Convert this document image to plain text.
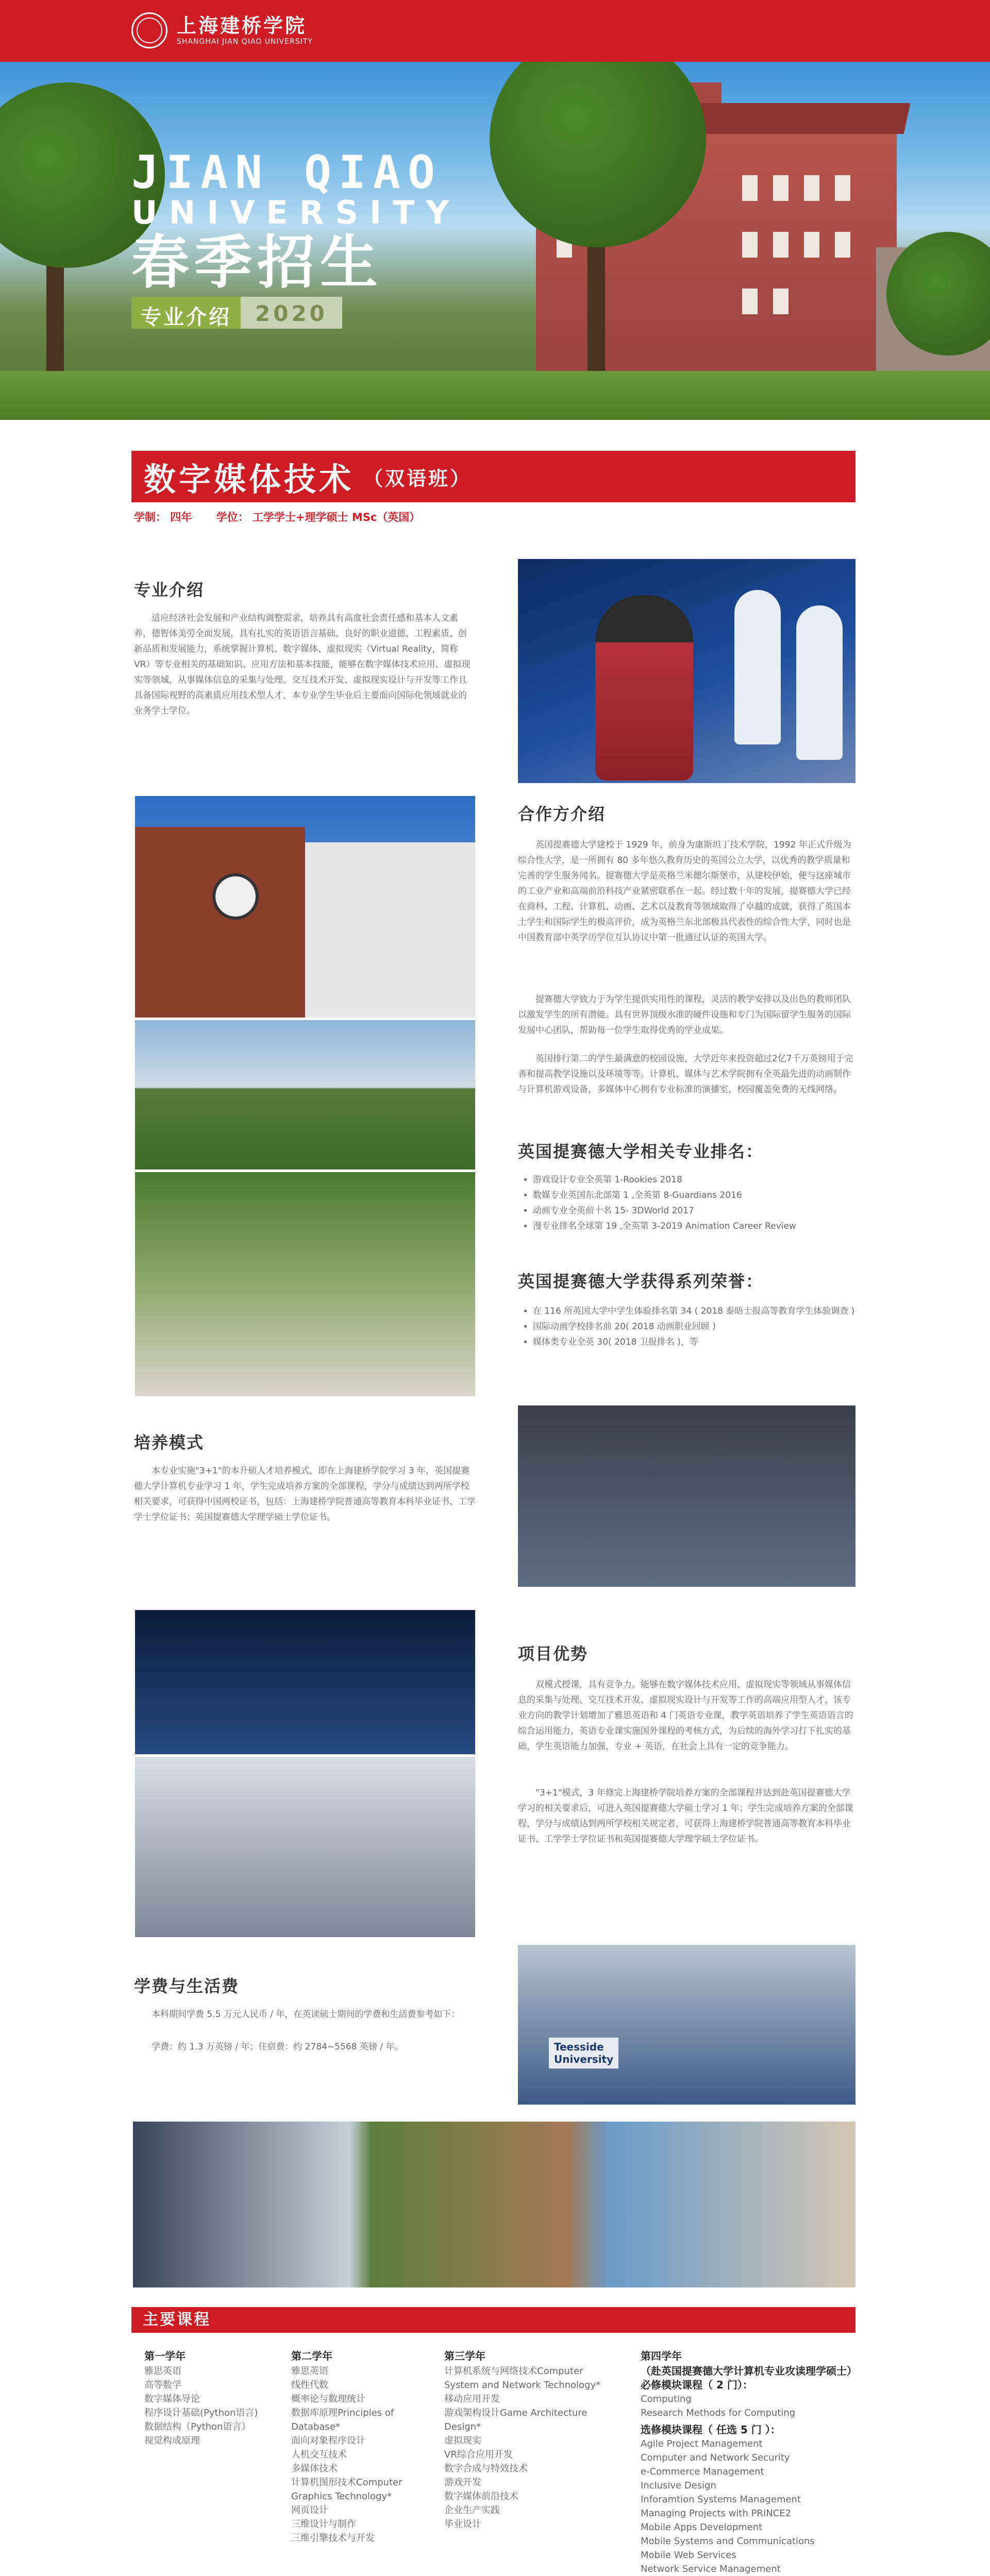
上海建桥学院
SHANGHAI JIAN QIAO UNIVERSITY
JIAN QIAO
UNIVERSITY
春季招生
专业介绍	2020
数字媒体技术 （双语班）
学制： 四年 学位： 工学学士+理学硕士 MSc（英国）
专业介绍
适应经济社会发展和产业结构调整需求，培养具有高度社会责任感和基本人文素养，德智体美劳全面发展，具有扎实的英语语言基础、良好的职业道德、工程素质、创新品质和发展能力，系统掌握计算机、数字媒体、虚拟现实（Virtual Reality，简称 VR）等专业相关的基础知识、应用方法和基本技能，能够在数字媒体技术应用、虚拟现实等领域，从事媒体信息的采集与处理、交互技术开发、虚拟现实设计与开发等工作且具备国际视野的高素质应用技术型人才，本专业学生毕业后主要面向国际化领域就业的业务学士学位。
合作方介绍
英国提赛德大学建校于 1929 年，前身为康斯坦丁技术学院，1992 年正式升级为综合性大学，是一所拥有 80 多年悠久教育历史的英国公立大学，以优秀的教学质量和完善的学生服务闻名。提赛德大学是英格兰米德尔斯堡市，从建校伊始，便与这座城市的工业产业和高端前沿科技产业紧密联系在一起。经过数十年的发展，提赛德大学已经在商科、工程、计算机、动画、艺术以及教育等领域取得了卓越的成就，获得了英国本土学生和国际学生的极高评价，成为英格兰东北部极具代表性的综合性大学，同时也是中国教育部中英学历学位互认协议中第一批通过认证的英国大学。
提赛德大学致力于为学生提供实用性的课程，灵活的教学安排以及出色的教师团队以激发学生的所有潜能。具有世界顶级水准的硬件设施和专门为国际留学生服务的国际发展中心团队，帮助每一位学生取得优秀的学业成果。
英国排行第二的学生最满意的校园设施，大学近年来投资超过2亿7千万英镑用于完善和提高教学设施以及环境等等。计算机、媒体与艺术学院拥有全英最先进的动画制作与计算机游戏设备，多媒体中心拥有专业标准的演播室，校园覆盖免费的无线网络。
英国提赛德大学相关专业排名：
• 游戏设计专业全英第 1-Rookies 2018
• 数媒专业英国东北部第 1 ,全英第 8-Guardians 2016
• 动画专业全英前十名 15- 3DWorld 2017
• 漫专业排名全球第 19 ,全英第 3-2019 Animation Career Review
英国提赛德大学获得系列荣誉：
• 在 116 所英国大学中学生体验排名第 34 ( 2018 泰晤士报高等教育学生体验调查 )
• 国际动画学校排名前 20( 2018 动画职业回顾 )
• 媒体类专业全英 30( 2018 卫报排名 )，等
培养模式
本专业实施"3+1"的本升硕人才培养模式，即在上海建桥学院学习 3 年，英国提赛德大学计算机专业学习 1 年，学生完成培养方案的全部课程，学分与成绩达到两所学校相关要求，可获得中国两校证书，包括：上海建桥学院普通高等教育本科毕业证书、工学学士学位证书；英国提赛德大学理学硕士学位证书。
项目优势
双模式授课，具有竞争力。能够在数字媒体技术应用、虚拟现实等领域从事媒体信息的采集与处理、交互技术开发、虚拟现实设计与开发等工作的高端应用型人才，该专业方向的教学计划增加了雅思英语和 4 门英语专业课，教学英语培养了学生英语语言的综合运用能力，英语专业课实施国外课程的考核方式，为后续的海外学习打下扎实的基础，学生英语能力加强，专业 + 英语，在社会上具有一定的竞争能力。
"3+1"模式，3 年修完上海建桥学院培养方案的全部课程并达到赴英国提赛德大学学习的相关要求后，可进入英国提赛德大学硕士学习 1 年；学生完成培养方案的全部课程，学分与成绩达到两所学校相关规定者，可获得上海建桥学院普通高等教育本科毕业证书、工学学士学位证书和英国提赛德大学理学硕士学位证书。
学费与生活费
本科期间学费 5.5 万元人民币 / 年，在英读硕士期间的学费和生活费参考如下：
学费：约 1.3 万英镑 / 年；住宿费：约 2784~5568 英镑 / 年。	Teesside
University
主要课程
第一学年
雅思英语
高等数学
数字媒体导论
程序设计基础(Python语言)
数据结构（Python语言）
视觉构成原理
第二学年
雅思英语
线性代数
概率论与数理统计
数据库原理Principles of
Database*
面向对象程序设计
人机交互技术
多媒体技术
计算机图形技术Computer
Graphics Technology*
网页设计
三维设计与制作
三维引擎技术与开发
第三学年
计算机系统与网络技术Computer
System and Network Technology*
移动应用开发
游戏架构设计Game Architecture
Design*
虚拟现实
VR综合应用开发
数字合成与特效技术
游戏开发
数字媒体前沿技术
企业生产实践
毕业设计
第四学年
（赴英国提赛德大学计算机专业攻读理学硕士）
必修模块课程（ 2 门）：
Computing
Research Methods for Computing
选修模块课程（ 任选 5 门 ）：
Agile Project Management
Computer and Network Security
e-Commerce Management
Inclusive Design
Inforamtion Systems Management
Managing Projects with PRINCE2
Mobile Apps Development
Mobile Systems and Communications
Mobile Web Services
Network Service Management
